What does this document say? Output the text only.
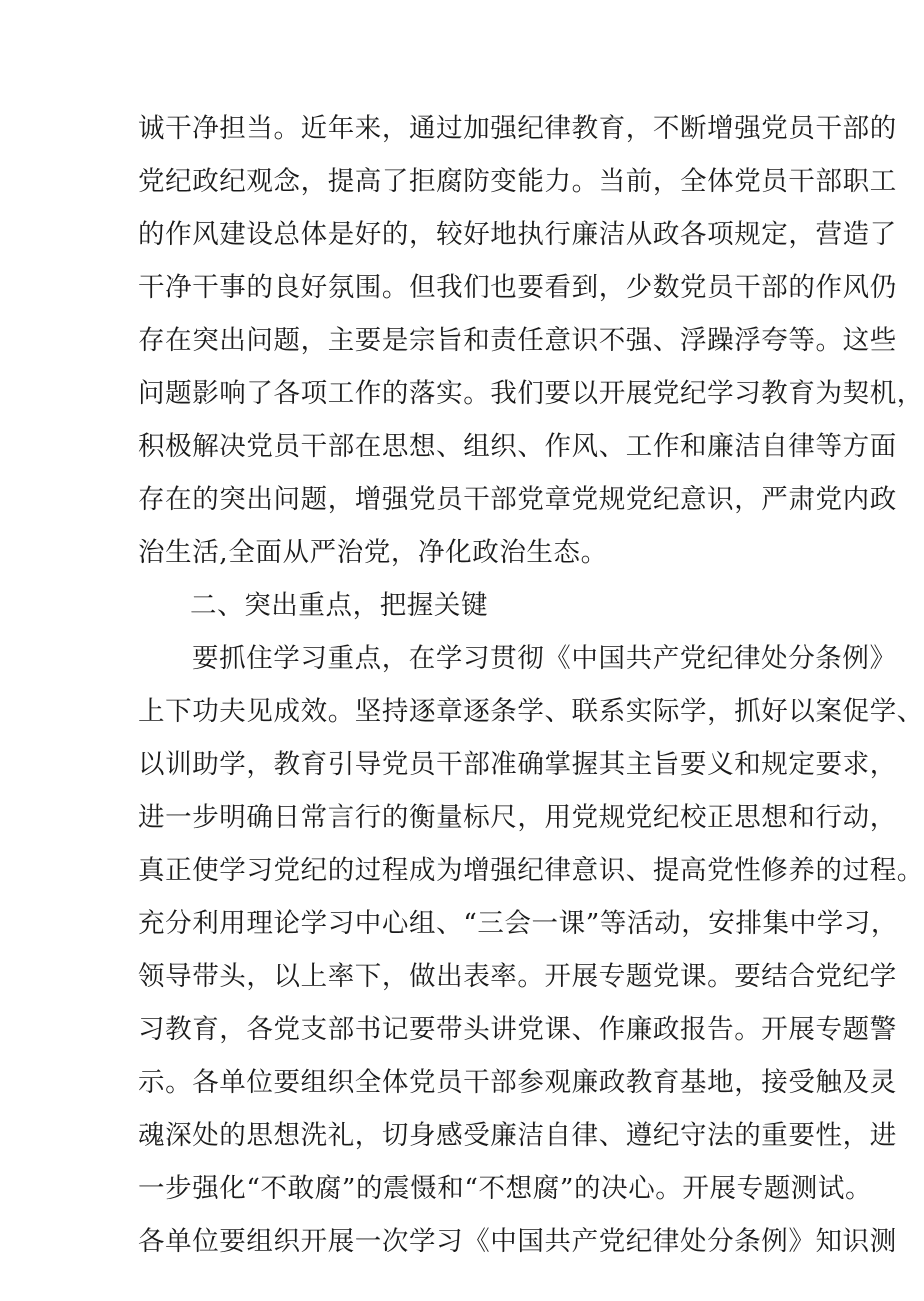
诚干净担当。近年来，通过加强纪律教育，不断增强党员干部的
党纪政纪观念，提高了拒腐防变能力。当前，全体党员干部职工
的作风建设总体是好的，较好地执行廉洁从政各项规定，营造了
干净干事的良好氛围。但我们也要看到，少数党员干部的作风仍
存在突出问题，主要是宗旨和责任意识不强、浮躁浮夸等。这些
问题影响了各项工作的落实。我们要以开展党纪学习教育为契机，
积极解决党员干部在思想、组织、作风、工作和廉洁自律等方面
存在的突出问题，增强党员干部党章党规党纪意识，严肃党内政
治生活,全面从严治党，净化政治生态。
二、突出重点，把握关键
要抓住学习重点，在学习贯彻《中国共产党纪律处分条例》
上下功夫见成效。坚持逐章逐条学、联系实际学，抓好以案促学、
以训助学，教育引导党员干部准确掌握其主旨要义和规定要求，
进一步明确日常言行的衡量标尺，用党规党纪校正思想和行动，
真正使学习党纪的过程成为增强纪律意识、提高党性修养的过程。
充分利用理论学习中心组、“三会一课”等活动，安排集中学习，
领导带头，以上率下，做出表率。开展专题党课。要结合党纪学
习教育，各党支部书记要带头讲党课、作廉政报告。开展专题警
示。各单位要组织全体党员干部参观廉政教育基地，接受触及灵
魂深处的思想洗礼，切身感受廉洁自律、遵纪守法的重要性，进
一步强化“不敢腐”的震慑和“不想腐”的决心。开展专题测试。
各单位要组织开展一次学习《中国共产党纪律处分条例》知识测
